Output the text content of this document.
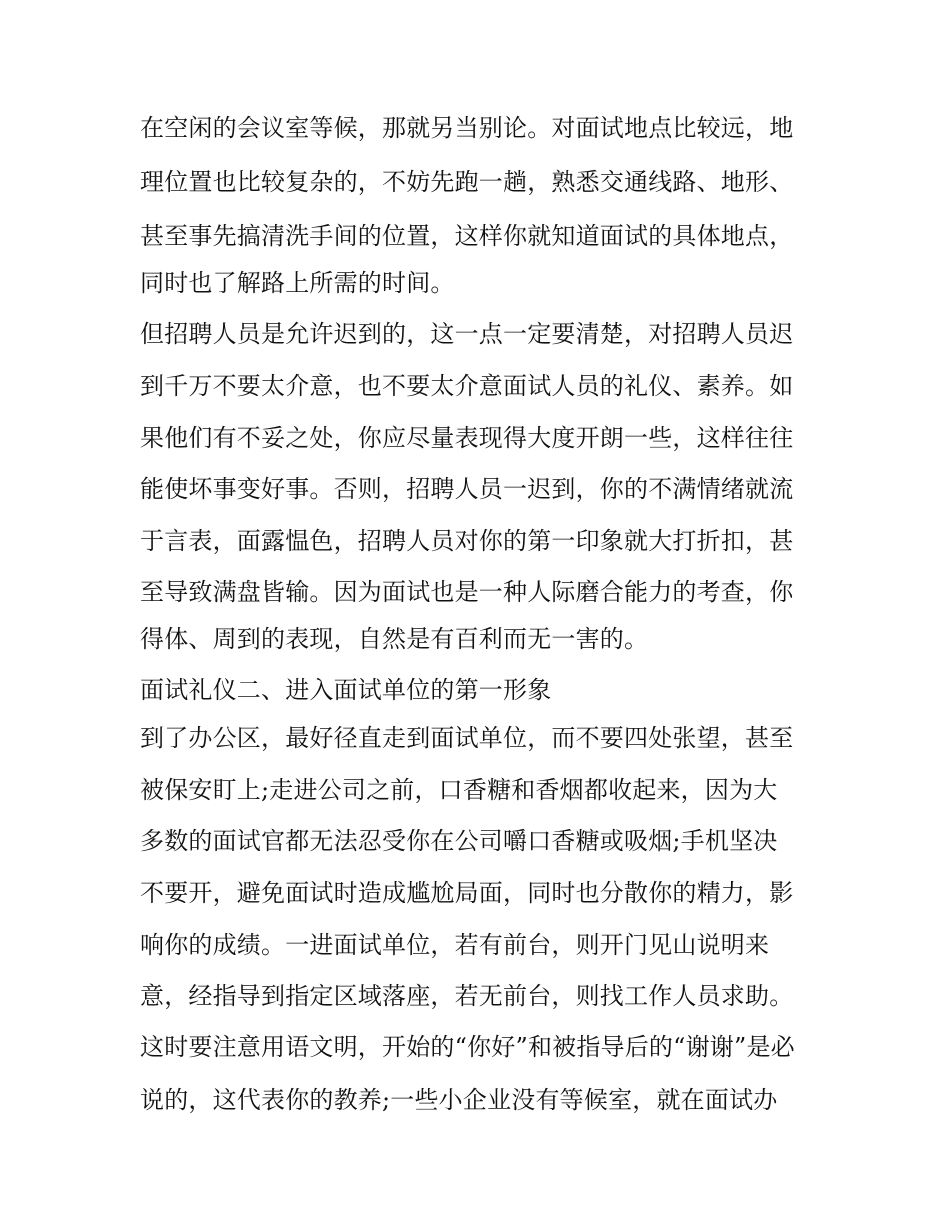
在空闲的会议室等候，那就另当别论。对面试地点比较远，地
理位置也比较复杂的，不妨先跑一趟，熟悉交通线路、地形、
甚至事先搞清洗手间的位置，这样你就知道面试的具体地点，
同时也了解路上所需的时间。
但招聘人员是允许迟到的，这一点一定要清楚，对招聘人员迟
到千万不要太介意，也不要太介意面试人员的礼仪、素养。如
果他们有不妥之处，你应尽量表现得大度开朗一些，这样往往
能使坏事变好事。否则，招聘人员一迟到，你的不满情绪就流
于言表，面露愠色，招聘人员对你的第一印象就大打折扣，甚
至导致满盘皆输。因为面试也是一种人际磨合能力的考查，你
得体、周到的表现，自然是有百利而无一害的。
面试礼仪二、进入面试单位的第一形象
到了办公区，最好径直走到面试单位，而不要四处张望，甚至
被保安盯上;走进公司之前，口香糖和香烟都收起来，因为大
多数的面试官都无法忍受你在公司嚼口香糖或吸烟;手机坚决
不要开，避免面试时造成尴尬局面，同时也分散你的精力，影
响你的成绩。一进面试单位，若有前台，则开门见山说明来
意，经指导到指定区域落座，若无前台，则找工作人员求助。
这时要注意用语文明，开始的“你好”和被指导后的“谢谢”是必
说的，这代表你的教养;一些小企业没有等候室，就在面试办
